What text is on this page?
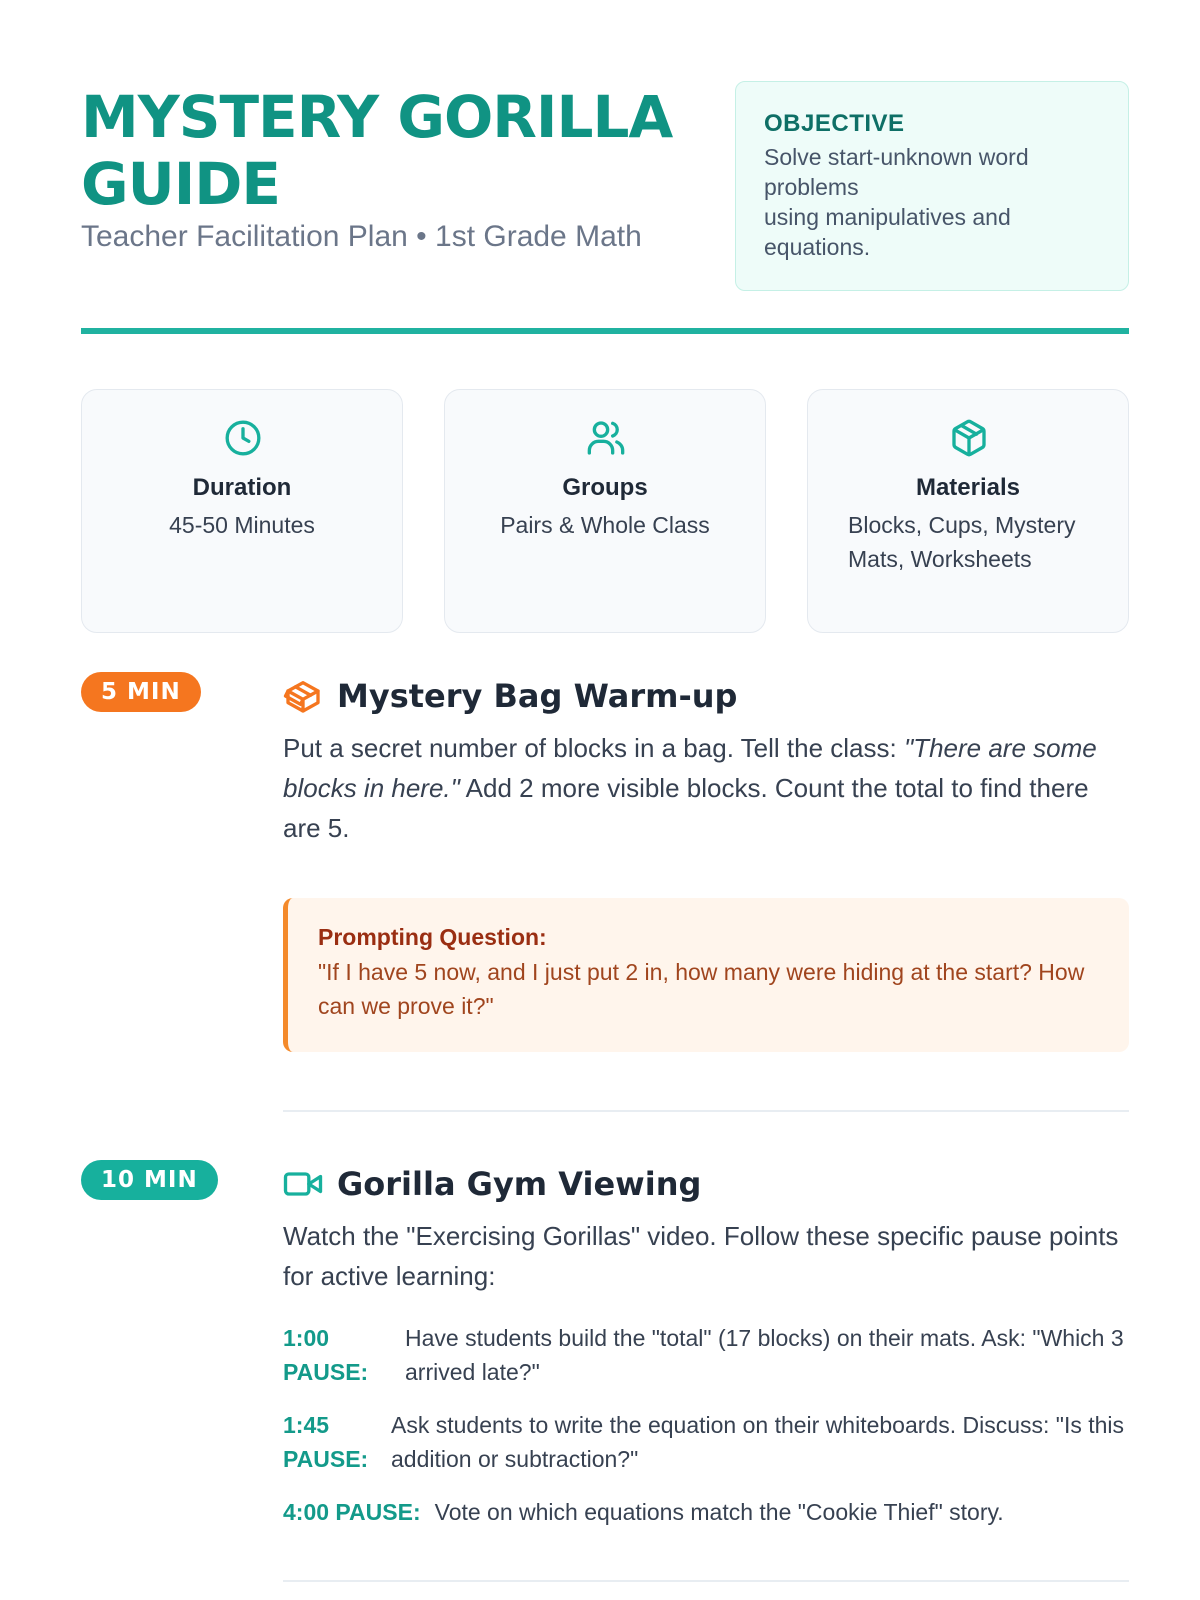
MYSTERY GORILLA GUIDE
Teacher Facilitation Plan • 1st Grade Math
OBJECTIVE
Solve start-unknown word problems
using manipulatives and equations.
Duration
45-50 Minutes
Groups
Pairs & Whole Class
Materials
Blocks, Cups, Mystery Mats, Worksheets
5 MIN	Mystery Bag Warm-up
Put a secret number of blocks in a bag. Tell the class: "There are some blocks in here." Add 2 more visible blocks. Count the total to find there are 5.
Prompting Question:
"If I have 5 now, and I just put 2 in, how many were hiding at the start? How can we prove it?"
10 MIN	Gorilla Gym Viewing
Watch the "Exercising Gorillas" video. Follow these specific pause points for active learning:
1:00 PAUSE:
Have students build the "total" (17 blocks) on their mats. Ask: "Which 3 arrived late?"
1:45 PAUSE:
Ask students to write the equation on their whiteboards. Discuss: "Is this addition or subtraction?"
4:00 PAUSE: Vote on which equations match the "Cookie Thief" story.
